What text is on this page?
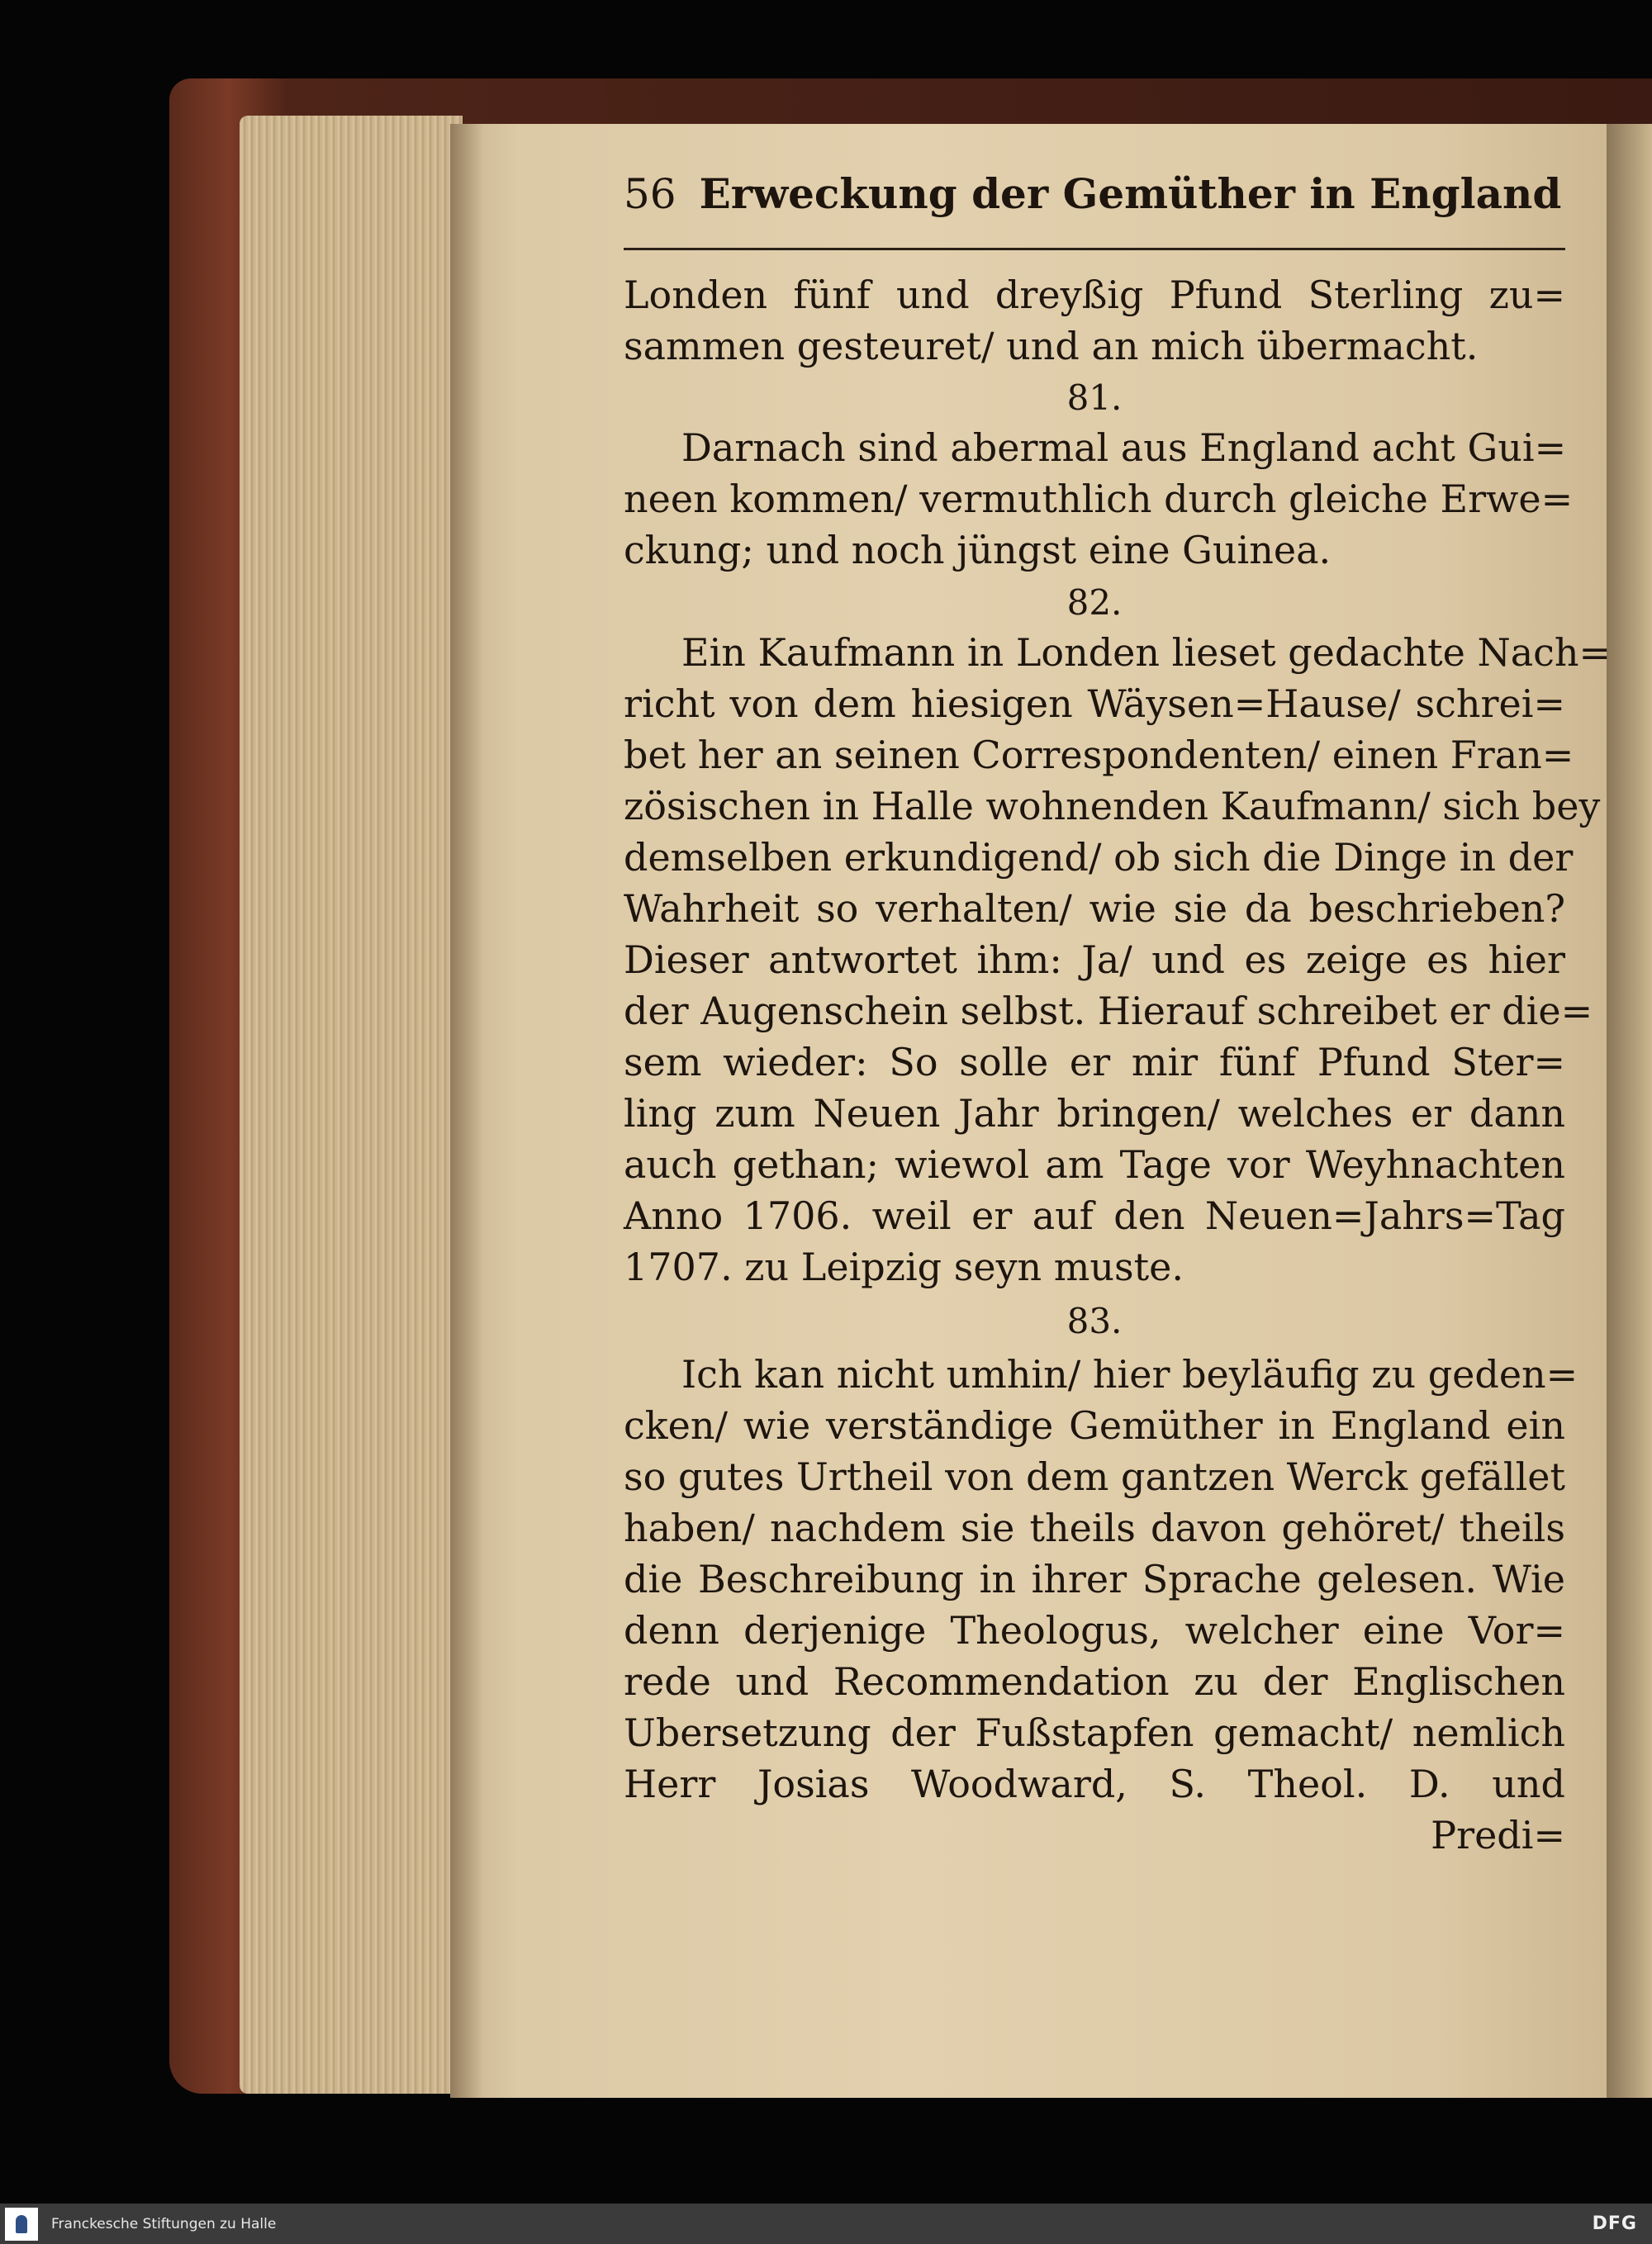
56 Erweckung der Gemüther in England
Londen fünf und dreyßig Pfund Sterling zu=
sammen gesteuret/ und an mich übermacht.
81.
Darnach sind abermal aus England acht Gui=
neen kommen/ vermuthlich durch gleiche Erwe=
ckung; und noch jüngst eine Guinea.
82.
Ein Kaufmann in Londen lieset gedachte Nach=
richt von dem hiesigen Wäysen=Hause/ schrei=
bet her an seinen Correspondenten/ einen Fran=
zösischen in Halle wohnenden Kaufmann/ sich bey
demselben erkundigend/ ob sich die Dinge in der
Wahrheit so verhalten/ wie sie da beschrieben?
Dieser antwortet ihm: Ja/ und es zeige es hier
der Augenschein selbst. Hierauf schreibet er die=
sem wieder: So solle er mir fünf Pfund Ster=
ling zum Neuen Jahr bringen/ welches er dann
auch gethan; wiewol am Tage vor Weyhnachten
Anno 1706. weil er auf den Neuen=Jahrs=Tag
1707. zu Leipzig seyn muste.
83.
Ich kan nicht umhin/ hier beyläufig zu geden=
cken/ wie verständige Gemüther in England ein
so gutes Urtheil von dem gantzen Werck gefället
haben/ nachdem sie theils davon gehöret/ theils
die Beschreibung in ihrer Sprache gelesen. Wie
denn derjenige Theologus, welcher eine Vor=
rede und Recommendation zu der Englischen
Ubersetzung der Fußstapfen gemacht/ nemlich
Herr Josias Woodward, S. Theol. D. und
Predi=
Franckesche Stiftungen zu Halle	DFG
